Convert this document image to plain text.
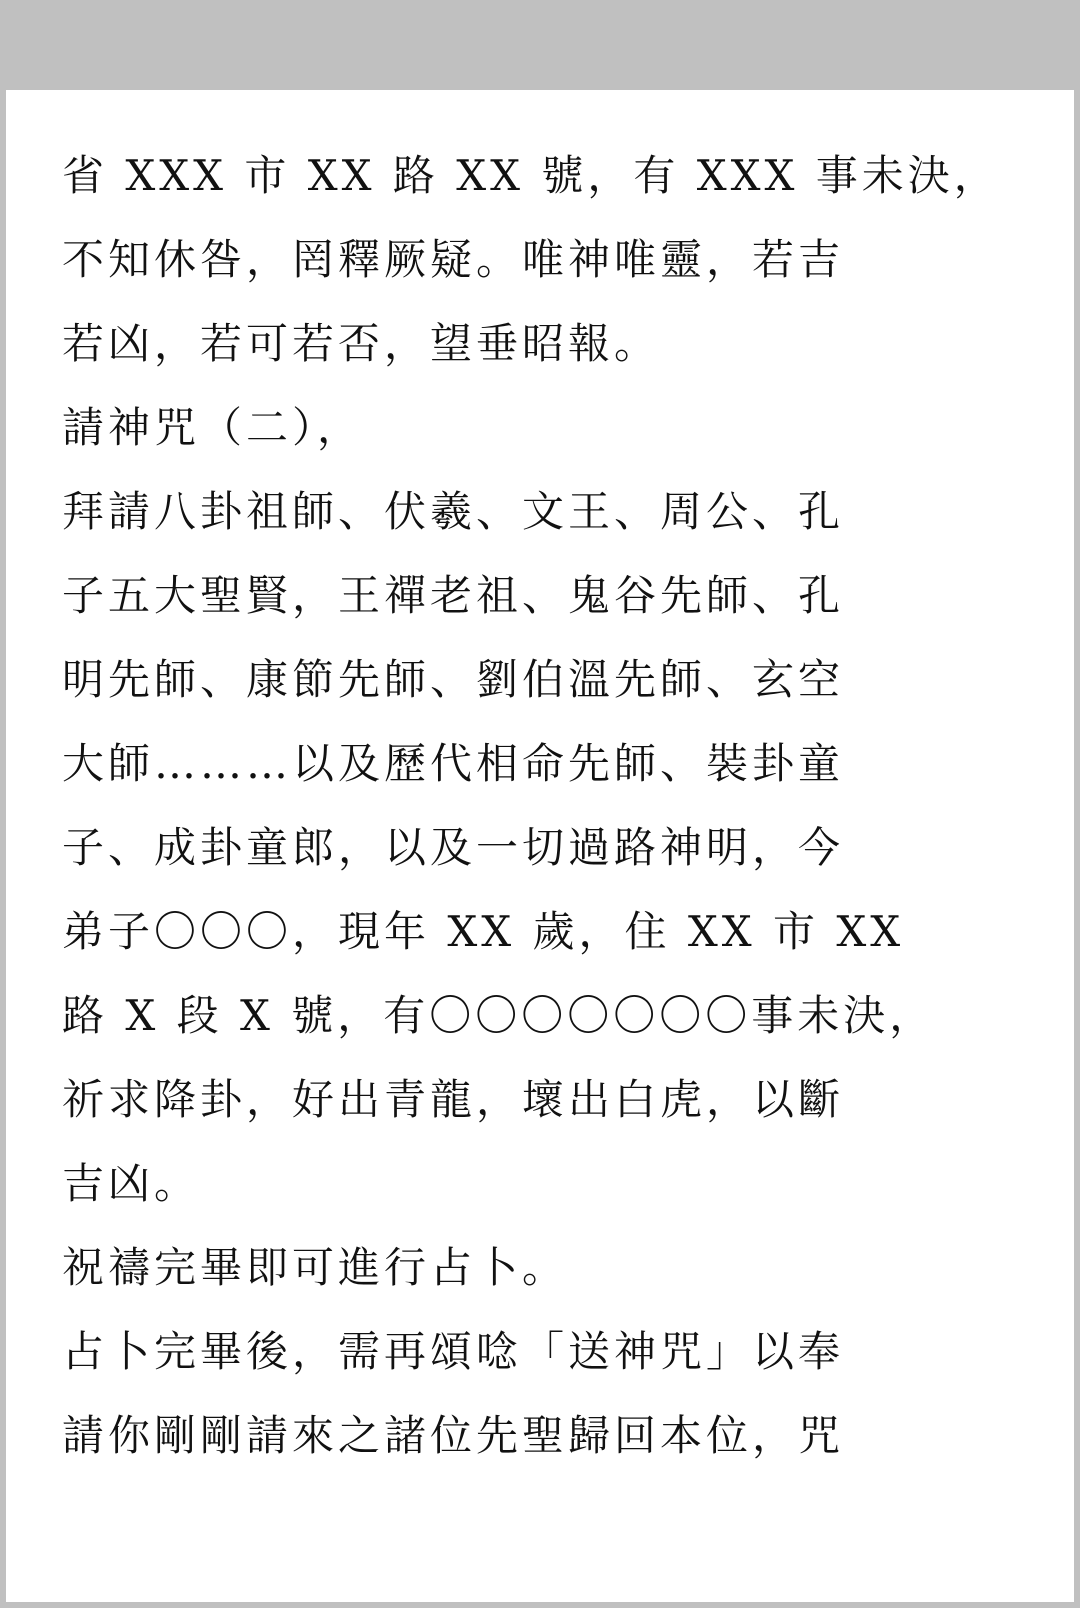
省 XXX 市 XX 路 XX 號，有 XXX 事未決，
不知休咎，罔釋厥疑。唯神唯靈，若吉
若凶，若可若否，望垂昭報。
請神咒（二），
拜請八卦祖師、伏羲、文王、周公、孔
子五大聖賢，王禪老祖、鬼谷先師、孔
明先師、康節先師、劉伯溫先師、玄空
大師………以及歷代相命先師、裝卦童
子、成卦童郎，以及一切過路神明，今
弟子〇〇〇，現年 XX 歲，住 XX 市 XX
路 X 段 X 號，有〇〇〇〇〇〇〇事未決，
祈求降卦，好出青龍，壞出白虎，以斷
吉凶。
祝禱完畢即可進行占卜。
占卜完畢後，需再頌唸「送神咒」以奉
請你剛剛請來之諸位先聖歸回本位，咒
